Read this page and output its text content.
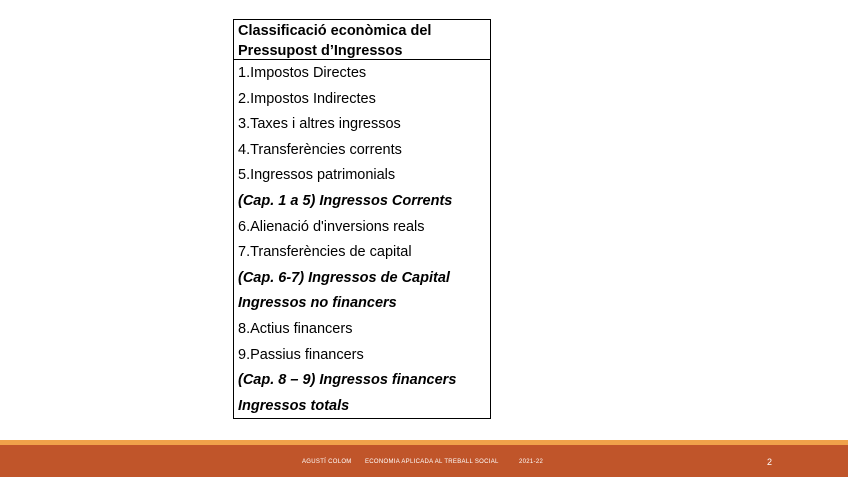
Classificació econòmica del Pressupost d’Ingressos
1.Impostos Directes
2.Impostos Indirectes
3.Taxes i altres ingressos
4.Transferències corrents
5.Ingressos patrimonials
(Cap. 1 a 5) Ingressos Corrents
6.Alienació d'inversions reals
7.Transferències de capital
(Cap. 6-7) Ingressos de Capital
Ingressos no financers
8.Actius financers
9.Passius financers
(Cap. 8 – 9) Ingressos financers
Ingressos totals
AGUSTÍ COLOM ECONOMIA APLICADA AL TREBALL SOCIAL	2021-22	2
